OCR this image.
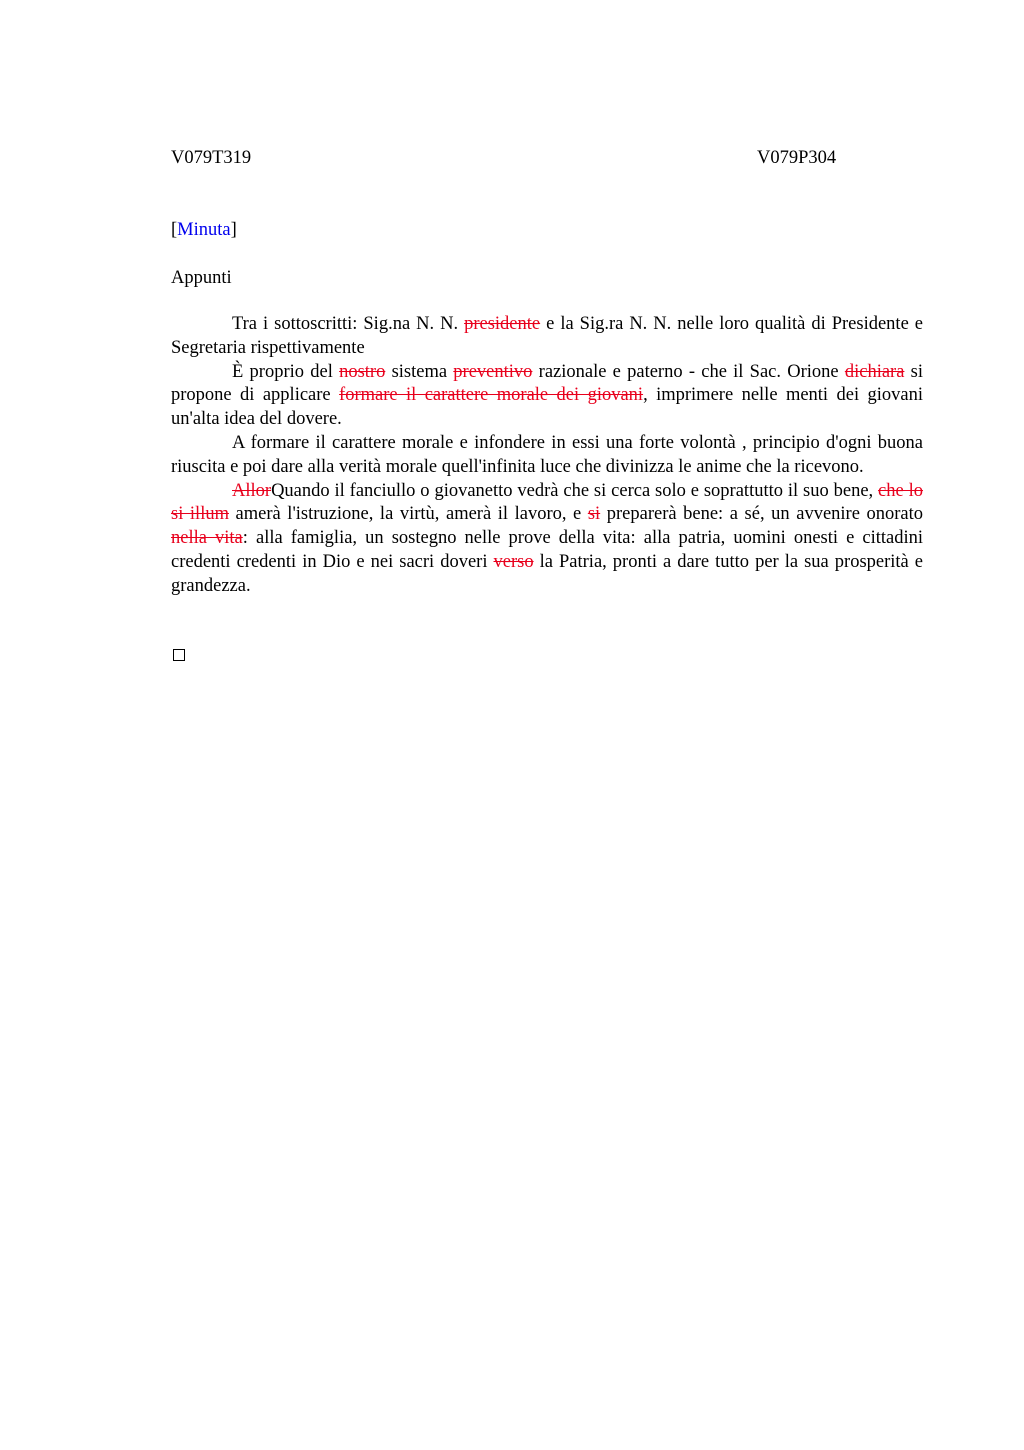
V079T319	V079P304
[Minuta]
Appunti

Tra i sottoscritti: Sig.na N. N. presidente e la Sig.ra N. N. nelle loro qualità di Presidente e Segretaria rispettivamente

È proprio del nostro sistema preventivo razionale e paterno - che il Sac. Orione dichiara si propone di applicare formare il carattere morale dei giovani, imprimere nelle menti dei giovani un'alta idea del dovere.

A formare il carattere morale e infondere in essi una forte volontà , principio d'ogni buona riuscita e poi dare alla verità morale quell'infinita luce che divinizza le anime che la ricevono.

AllorQuando il fanciullo o giovanetto vedrà che si cerca solo e soprattutto il suo bene, che lo si illum amerà l'istruzione, la virtù, amerà il lavoro, e si preparerà bene: a sé, un avvenire onorato nella vita: alla famiglia, un sostegno nelle prove della vita: alla patria, uomini onesti e cittadini credenti credenti in Dio e nei sacri doveri verso la Patria, pronti a dare tutto per la sua prosperità e grandezza.
